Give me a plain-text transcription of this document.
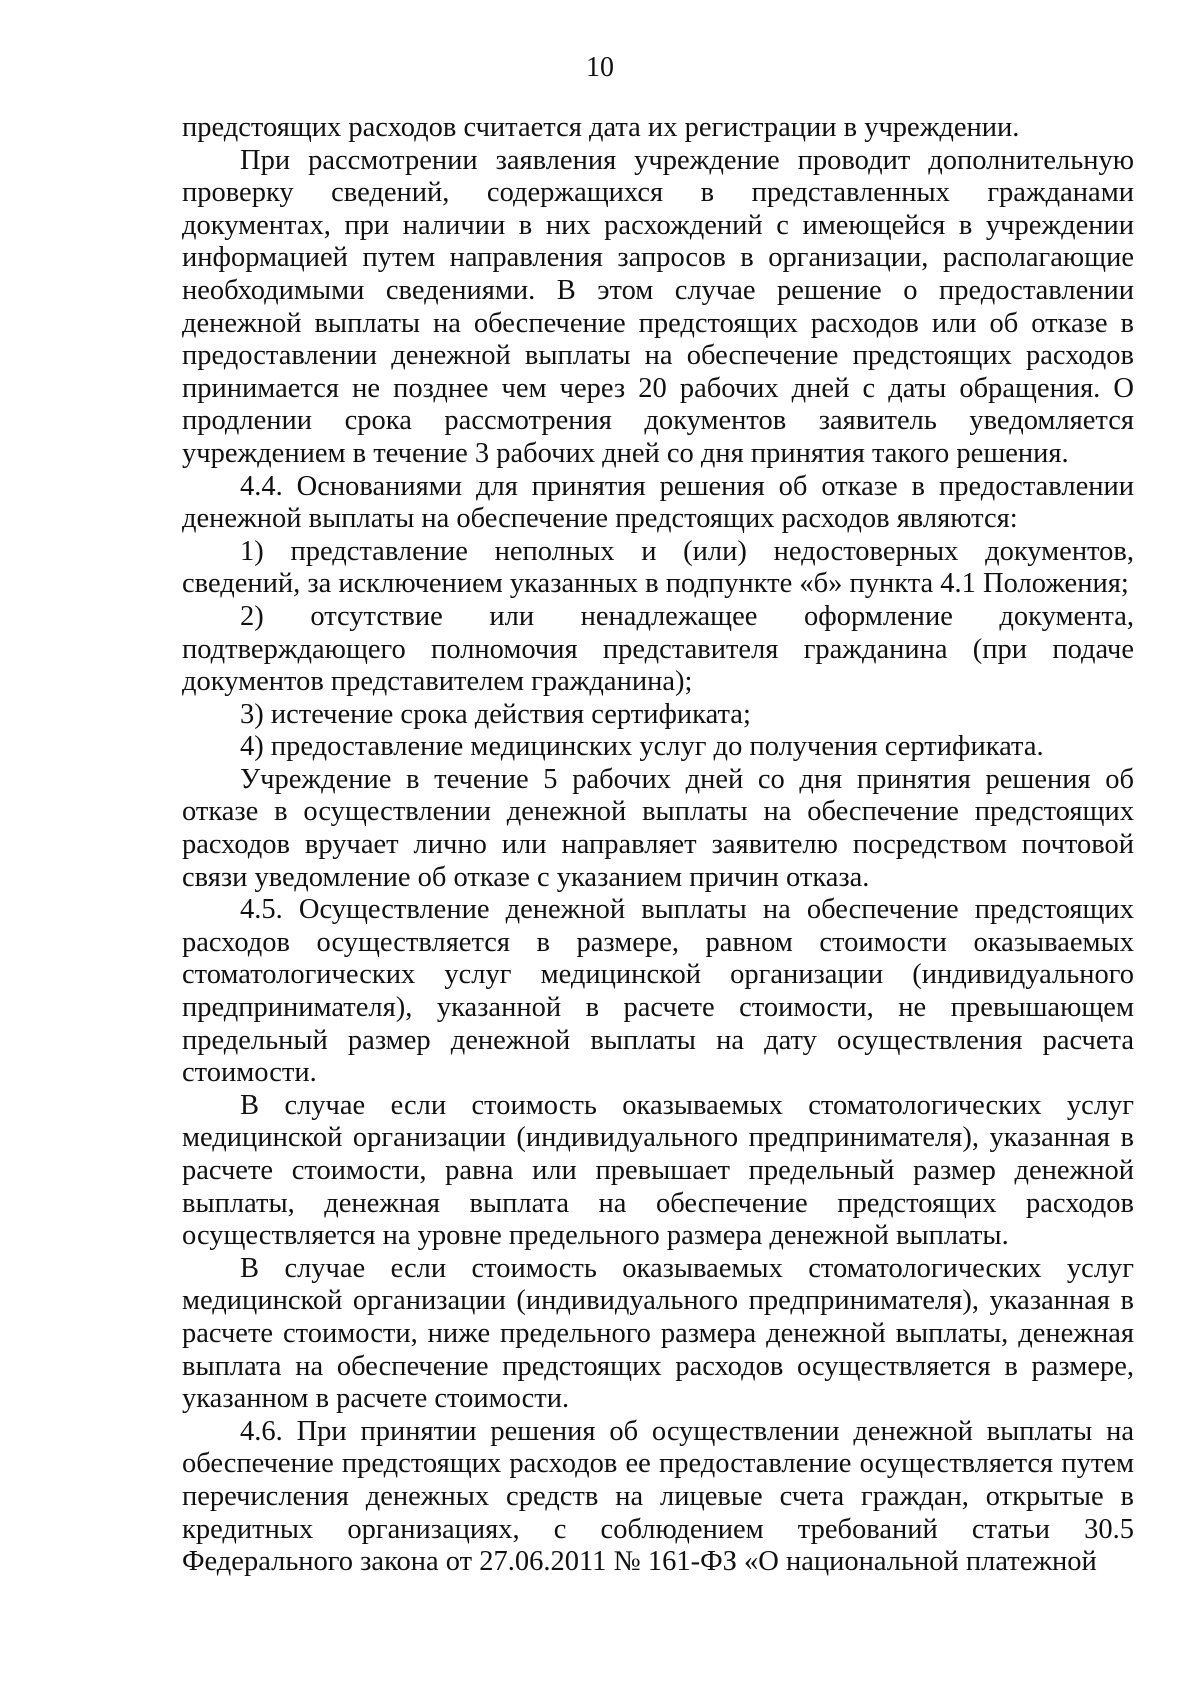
10

предстоящих расходов считается дата их регистрации в учреждении.

При рассмотрении заявления учреждение проводит дополнительную проверку сведений, содержащихся в представленных гражданами документах, при наличии в них расхождений с имеющейся в учреждении информацией путем направления запросов в организации, располагающие необходимыми сведениями. В этом случае решение о предоставлении денежной выплаты на обеспечение предстоящих расходов или об отказе в предоставлении денежной выплаты на обеспечение предстоящих расходов принимается не позднее чем через 20 рабочих дней с даты обращения. О продлении срока рассмотрения документов заявитель уведомляется учреждением в течение 3 рабочих дней со дня принятия такого решения.

4.4. Основаниями для принятия решения об отказе в предоставлении денежной выплаты на обеспечение предстоящих расходов являются:

1) представление неполных и (или) недостоверных документов, сведений, за исключением указанных в подпункте «б» пункта 4.1 Положения;

2) отсутствие или ненадлежащее оформление документа, подтверждающего полномочия представителя гражданина (при подаче документов представителем гражданина);

3) истечение срока действия сертификата;

4) предоставление медицинских услуг до получения сертификата.

Учреждение в течение 5 рабочих дней со дня принятия решения об отказе в осуществлении денежной выплаты на обеспечение предстоящих расходов вручает лично или направляет заявителю посредством почтовой связи уведомление об отказе с указанием причин отказа.

4.5. Осуществление денежной выплаты на обеспечение предстоящих расходов осуществляется в размере, равном стоимости оказываемых стоматологических услуг медицинской организации (индивидуального предпринимателя), указанной в расчете стоимости, не превышающем предельный размер денежной выплаты на дату осуществления расчета стоимости.

В случае если стоимость оказываемых стоматологических услуг медицинской организации (индивидуального предпринимателя), указанная в расчете стоимости, равна или превышает предельный размер денежной выплаты, денежная выплата на обеспечение предстоящих расходов осуществляется на уровне предельного размера денежной выплаты.

В случае если стоимость оказываемых стоматологических услуг медицинской организации (индивидуального предпринимателя), указанная в расчете стоимости, ниже предельного размера денежной выплаты, денежная выплата на обеспечение предстоящих расходов осуществляется в размере, указанном в расчете стоимости.

4.6. При принятии решения об осуществлении денежной выплаты на обеспечение предстоящих расходов ее предоставление осуществляется путем перечисления денежных средств на лицевые счета граждан, открытые в кредитных организациях, с соблюдением требований статьи 30.5 Федерального закона от 27.06.2011 № 161-ФЗ «О национальной платежной
